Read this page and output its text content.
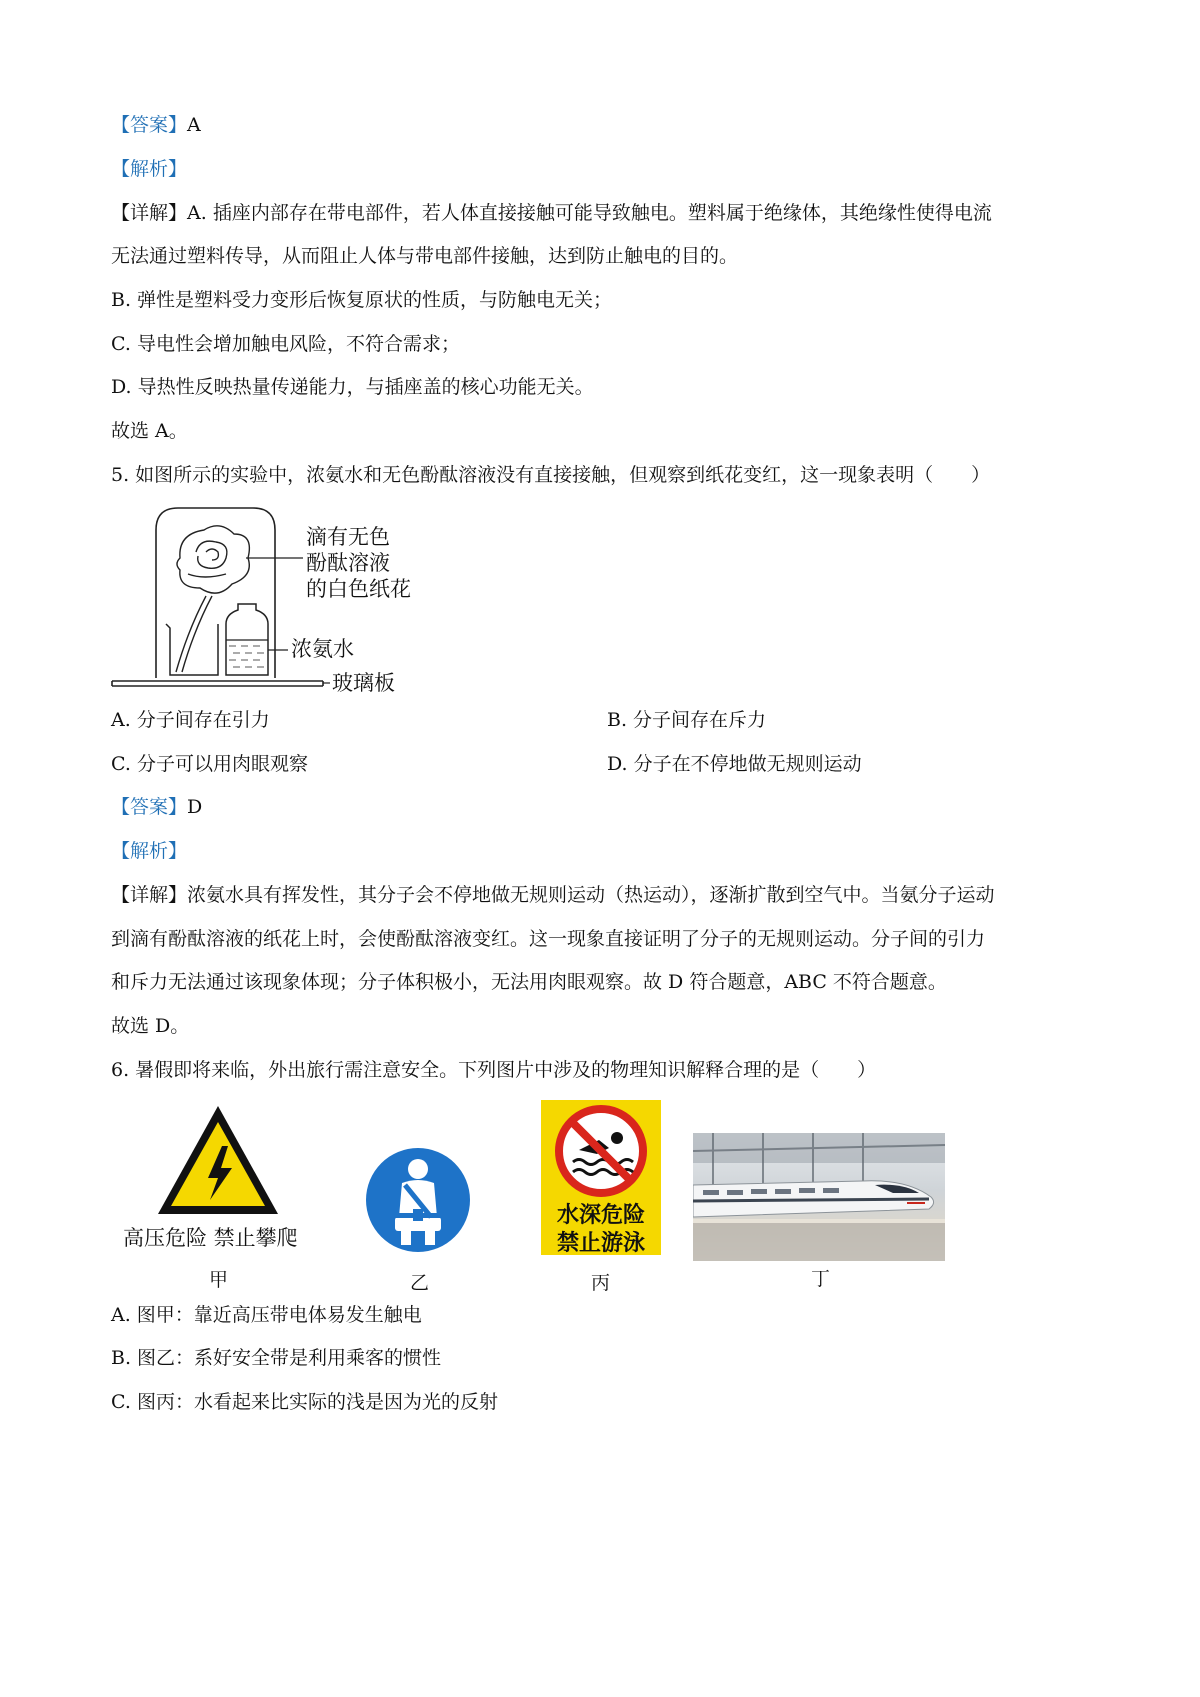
【答案】A
【解析】
【详解】A. 插座内部存在带电部件，若人体直接接触可能导致触电。塑料属于绝缘体，其绝缘性使得电流
无法通过塑料传导，从而阻止人体与带电部件接触，达到防止触电的目的。
B. 弹性是塑料受力变形后恢复原状的性质，与防触电无关；
C. 导电性会增加触电风险，不符合需求；
D. 导热性反映热量传递能力，与插座盖的核心功能无关。
故选 A。
5. 如图所示的实验中，浓氨水和无色酚酞溶液没有直接接触，但观察到纸花变红，这一现象表明（　　）
滴有无色
酚酞溶液
的白色纸花
浓氨水
玻璃板
A. 分子间存在引力	B. 分子间存在斥力
C. 分子可以用肉眼观察	D. 分子在不停地做无规则运动
【答案】D
【解析】
【详解】浓氨水具有挥发性，其分子会不停地做无规则运动（热运动），逐渐扩散到空气中。当氨分子运动
到滴有酚酞溶液的纸花上时，会使酚酞溶液变红。这一现象直接证明了分子的无规则运动。分子间的引力
和斥力无法通过该现象体现；分子体积极小，无法用肉眼观察。故 D 符合题意，ABC 不符合题意。
故选 D。
6. 暑假即将来临，外出旅行需注意安全。下列图片中涉及的物理知识解释合理的是（　　）
高压危险 禁止攀爬
甲	乙
水深危险
禁止游泳
丙	丁
A. 图甲：靠近高压带电体易发生触电
B. 图乙：系好安全带是利用乘客的惯性
C. 图丙：水看起来比实际的浅是因为光的反射
